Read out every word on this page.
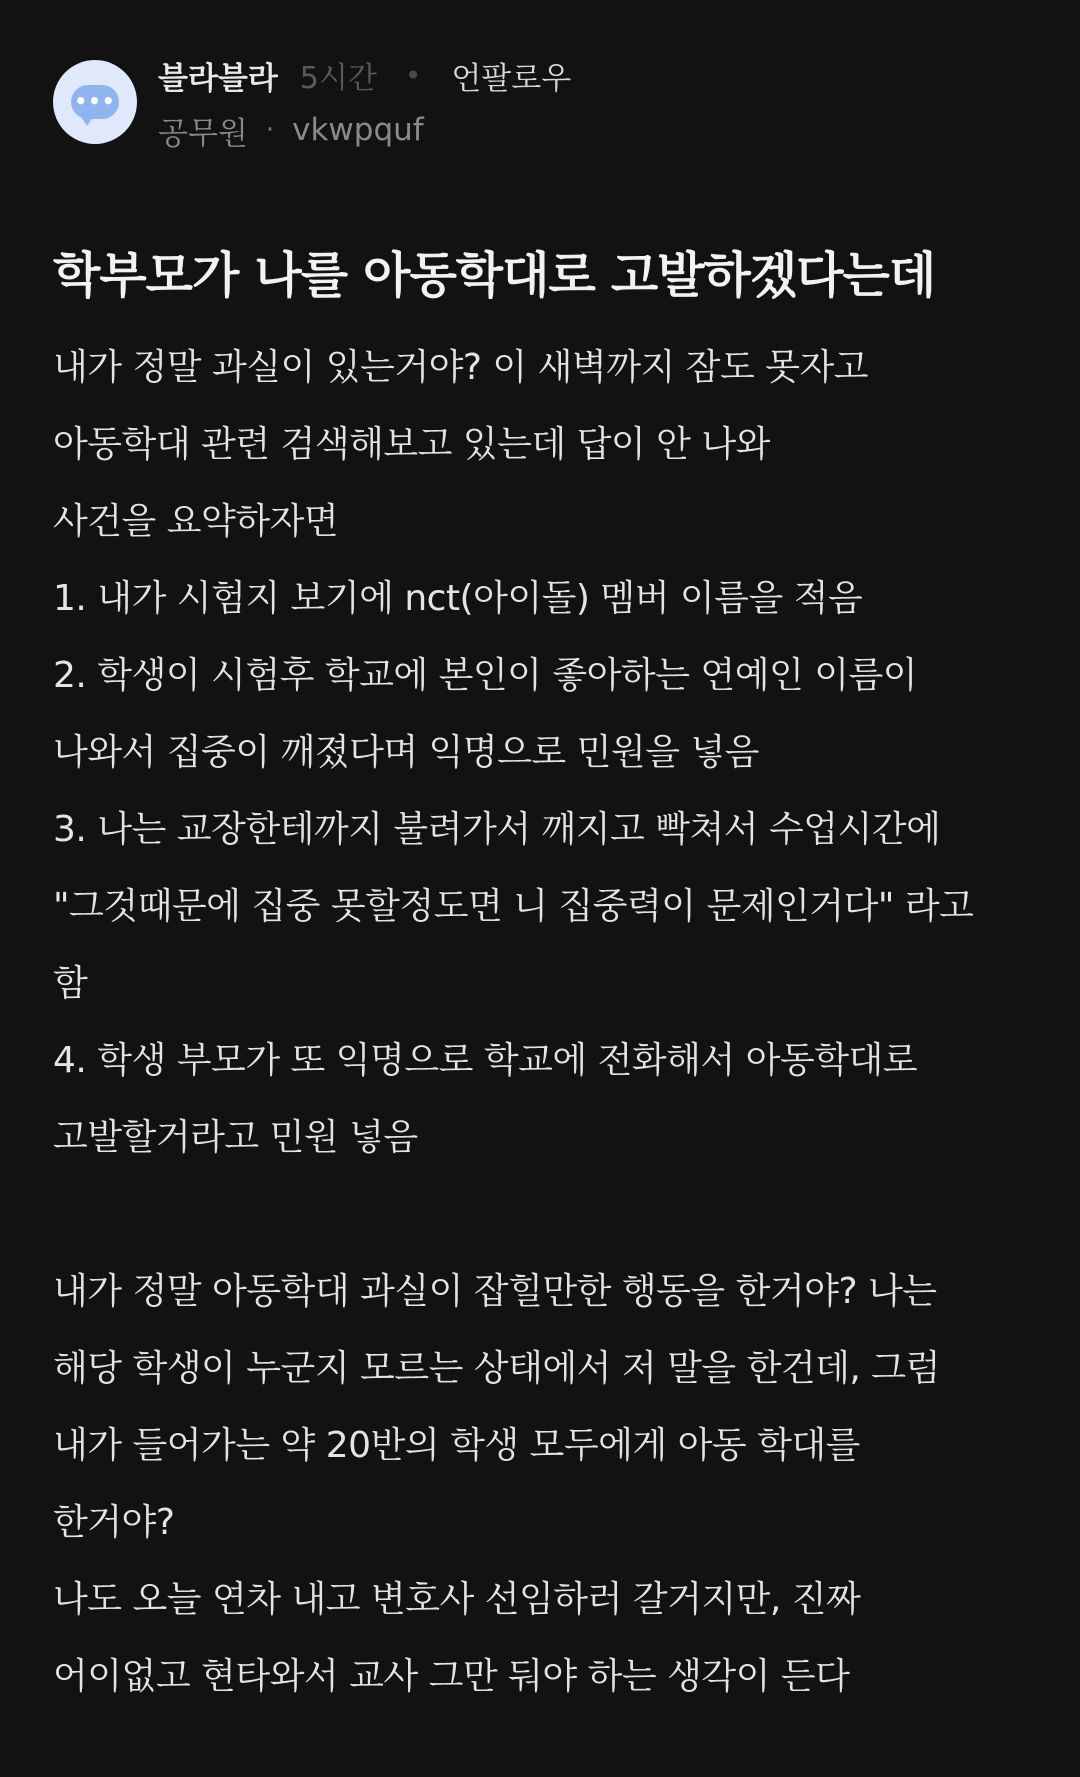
•••
블라블라 5시간 • 언팔로우
공무원 · vkwpquf
학부모가 나를 아동학대로 고발하겠다는데
내가 정말 과실이 있는거야? 이 새벽까지 잠도 못자고
아동학대 관련 검색해보고 있는데 답이 안 나와
사건을 요약하자면
1. 내가 시험지 보기에 nct(아이돌) 멤버 이름을 적음
2. 학생이 시험후 학교에 본인이 좋아하는 연예인 이름이
나와서 집중이 깨졌다며 익명으로 민원을 넣음
3. 나는 교장한테까지 불려가서 깨지고 빡쳐서 수업시간에
"그것때문에 집중 못할정도면 니 집중력이 문제인거다" 라고
함
4. 학생 부모가 또 익명으로 학교에 전화해서 아동학대로
고발할거라고 민원 넣음
내가 정말 아동학대 과실이 잡힐만한 행동을 한거야? 나는
해당 학생이 누군지 모르는 상태에서 저 말을 한건데, 그럼
내가 들어가는 약 20반의 학생 모두에게 아동 학대를
한거야?
나도 오늘 연차 내고 변호사 선임하러 갈거지만, 진짜
어이없고 현타와서 교사 그만 둬야 하는 생각이 든다
